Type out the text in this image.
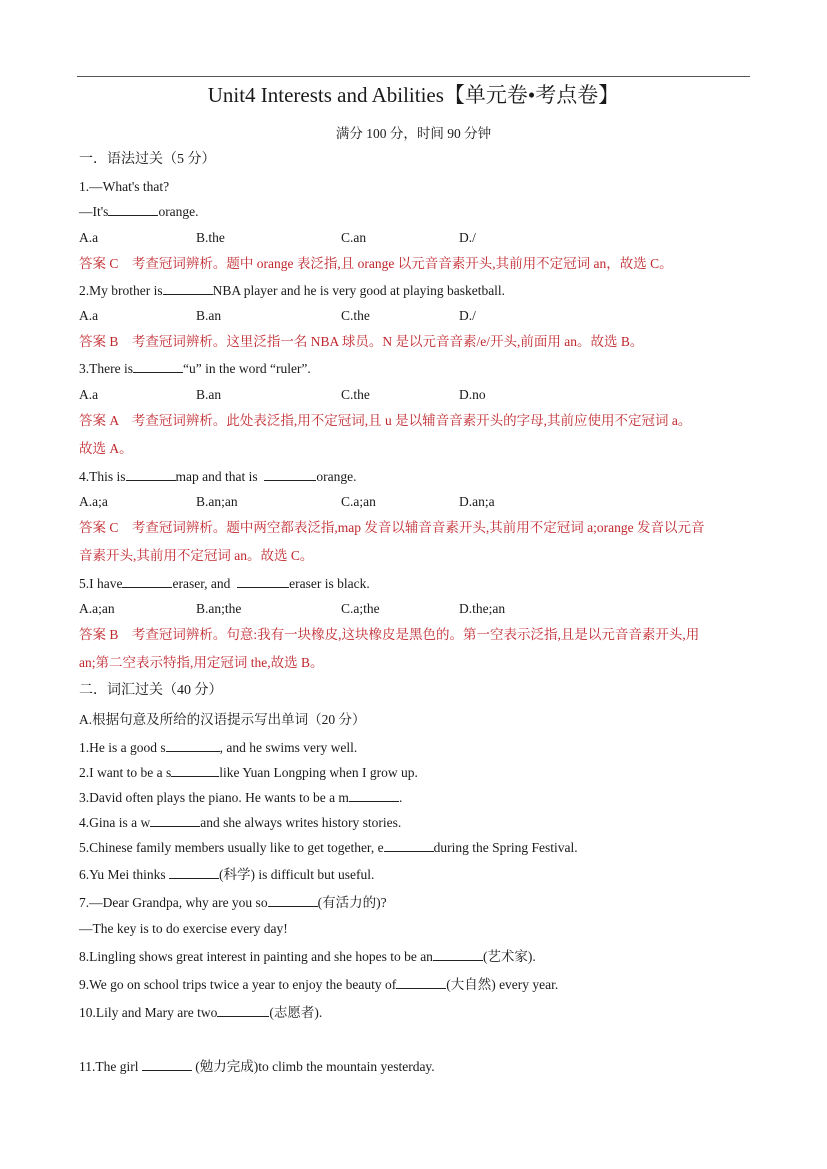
Unit4 Interests and Abilities【单元卷•考点卷】
满分 100 分，时间 90 分钟
一．语法过关（5 分）
1.—What's that?
—It's	orange.
A.a	B.the	C.an	D./
答案 C　考查冠词辨析。题中 orange 表泛指,且 orange 以元音音素开头,其前用不定冠词 an，故选 C。
2.My brother is	NBA player and he is very good at playing basketball.
A.a	B.an	C.the	D./
答案 B　考查冠词辨析。这里泛指一名 NBA 球员。N 是以元音音素/e/开头,前面用 an。故选 B。
3.There is	“u” in the word “ruler”.
A.a	B.an	C.the	D.no
答案 A　考查冠词辨析。此处表泛指,用不定冠词,且 u 是以辅音音素开头的字母,其前应使用不定冠词 a。
故选 A。
4.This is	map and that is	orange.
A.a;a	B.an;an	C.a;an	D.an;a
答案 C　考查冠词辨析。题中两空都表泛指,map 发音以辅音音素开头,其前用不定冠词 a;orange 发音以元音
音素开头,其前用不定冠词 an。故选 C。
5.I have	eraser, and	eraser is black.
A.a;an	B.an;the	C.a;the	D.the;an
答案 B　考查冠词辨析。句意:我有一块橡皮,这块橡皮是黑色的。第一空表示泛指,且是以元音音素开头,用
an;第二空表示特指,用定冠词 the,故选 B。
二．词汇过关（40 分）
A.根据句意及所给的汉语提示写出单词（20 分）
1.He is a good s	, and he swims very well.
2.I want to be a s	like Yuan Longping when I grow up.
3.David often plays the piano. He wants to be a m	.
4.Gina is a w	and she always writes history stories.
5.Chinese family members usually like to get together, e	during the Spring Festival.
6.Yu Mei thinks	(科学) is difficult but useful.
7.—Dear Grandpa, why are you so	(有活力的)?
—The key is to do exercise every day!
8.Lingling shows great interest in painting and she hopes to be an	(艺术家).
9.We go on school trips twice a year to enjoy the beauty of	(大自然) every year.
10.Lily and Mary are two	(志愿者).
11.The girl	(勉力完成)to climb the mountain yesterday.
